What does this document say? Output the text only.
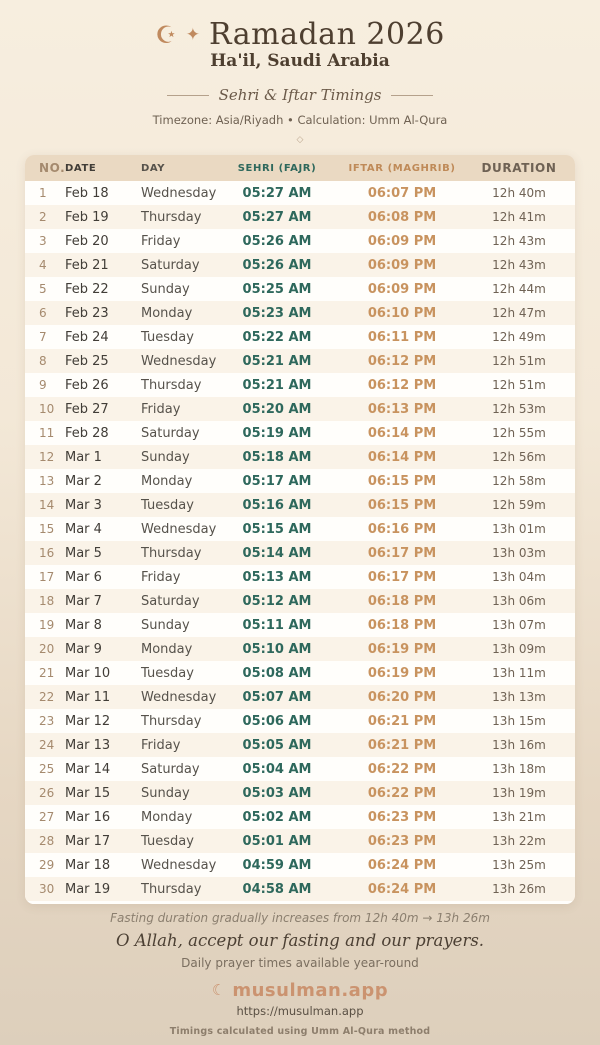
☪ ✦ Ramadan 2026
Ha'il, Saudi Arabia
Sehri & Iftar Timings
Timezone: Asia/Riyadh • Calculation: Umm Al-Qura
◇
NO. DATE	DAY	SEHRI (FAJR)	IFTAR (MAGHRIB)	DURATION
1	Feb 18	Wednesday	05:27 AM	06:07 PM	12h 40m
2	Feb 19	Thursday	05:27 AM	06:08 PM	12h 41m
3	Feb 20	Friday	05:26 AM	06:09 PM	12h 43m
4	Feb 21	Saturday	05:26 AM	06:09 PM	12h 43m
5	Feb 22	Sunday	05:25 AM	06:09 PM	12h 44m
6	Feb 23	Monday	05:23 AM	06:10 PM	12h 47m
7	Feb 24	Tuesday	05:22 AM	06:11 PM	12h 49m
8	Feb 25	Wednesday	05:21 AM	06:12 PM	12h 51m
9	Feb 26	Thursday	05:21 AM	06:12 PM	12h 51m
10 Feb 27	Friday	05:20 AM	06:13 PM	12h 53m
11 Feb 28	Saturday	05:19 AM	06:14 PM	12h 55m
12 Mar 1	Sunday	05:18 AM	06:14 PM	12h 56m
13 Mar 2	Monday	05:17 AM	06:15 PM	12h 58m
14 Mar 3	Tuesday	05:16 AM	06:15 PM	12h 59m
15 Mar 4	Wednesday	05:15 AM	06:16 PM	13h 01m
16 Mar 5	Thursday	05:14 AM	06:17 PM	13h 03m
17 Mar 6	Friday	05:13 AM	06:17 PM	13h 04m
18 Mar 7	Saturday	05:12 AM	06:18 PM	13h 06m
19 Mar 8	Sunday	05:11 AM	06:18 PM	13h 07m
20 Mar 9	Monday	05:10 AM	06:19 PM	13h 09m
21 Mar 10	Tuesday	05:08 AM	06:19 PM	13h 11m
22 Mar 11	Wednesday	05:07 AM	06:20 PM	13h 13m
23 Mar 12	Thursday	05:06 AM	06:21 PM	13h 15m
24 Mar 13	Friday	05:05 AM	06:21 PM	13h 16m
25 Mar 14	Saturday	05:04 AM	06:22 PM	13h 18m
26 Mar 15	Sunday	05:03 AM	06:22 PM	13h 19m
27 Mar 16	Monday	05:02 AM	06:23 PM	13h 21m
28 Mar 17	Tuesday	05:01 AM	06:23 PM	13h 22m
29 Mar 18	Wednesday	04:59 AM	06:24 PM	13h 25m
30 Mar 19	Thursday	04:58 AM	06:24 PM	13h 26m
Fasting duration gradually increases from 12h 40m → 13h 26m
O Allah, accept our fasting and our prayers.
Daily prayer times available year-round
☾ musulman.app
https://musulman.app
Timings calculated using Umm Al-Qura method
